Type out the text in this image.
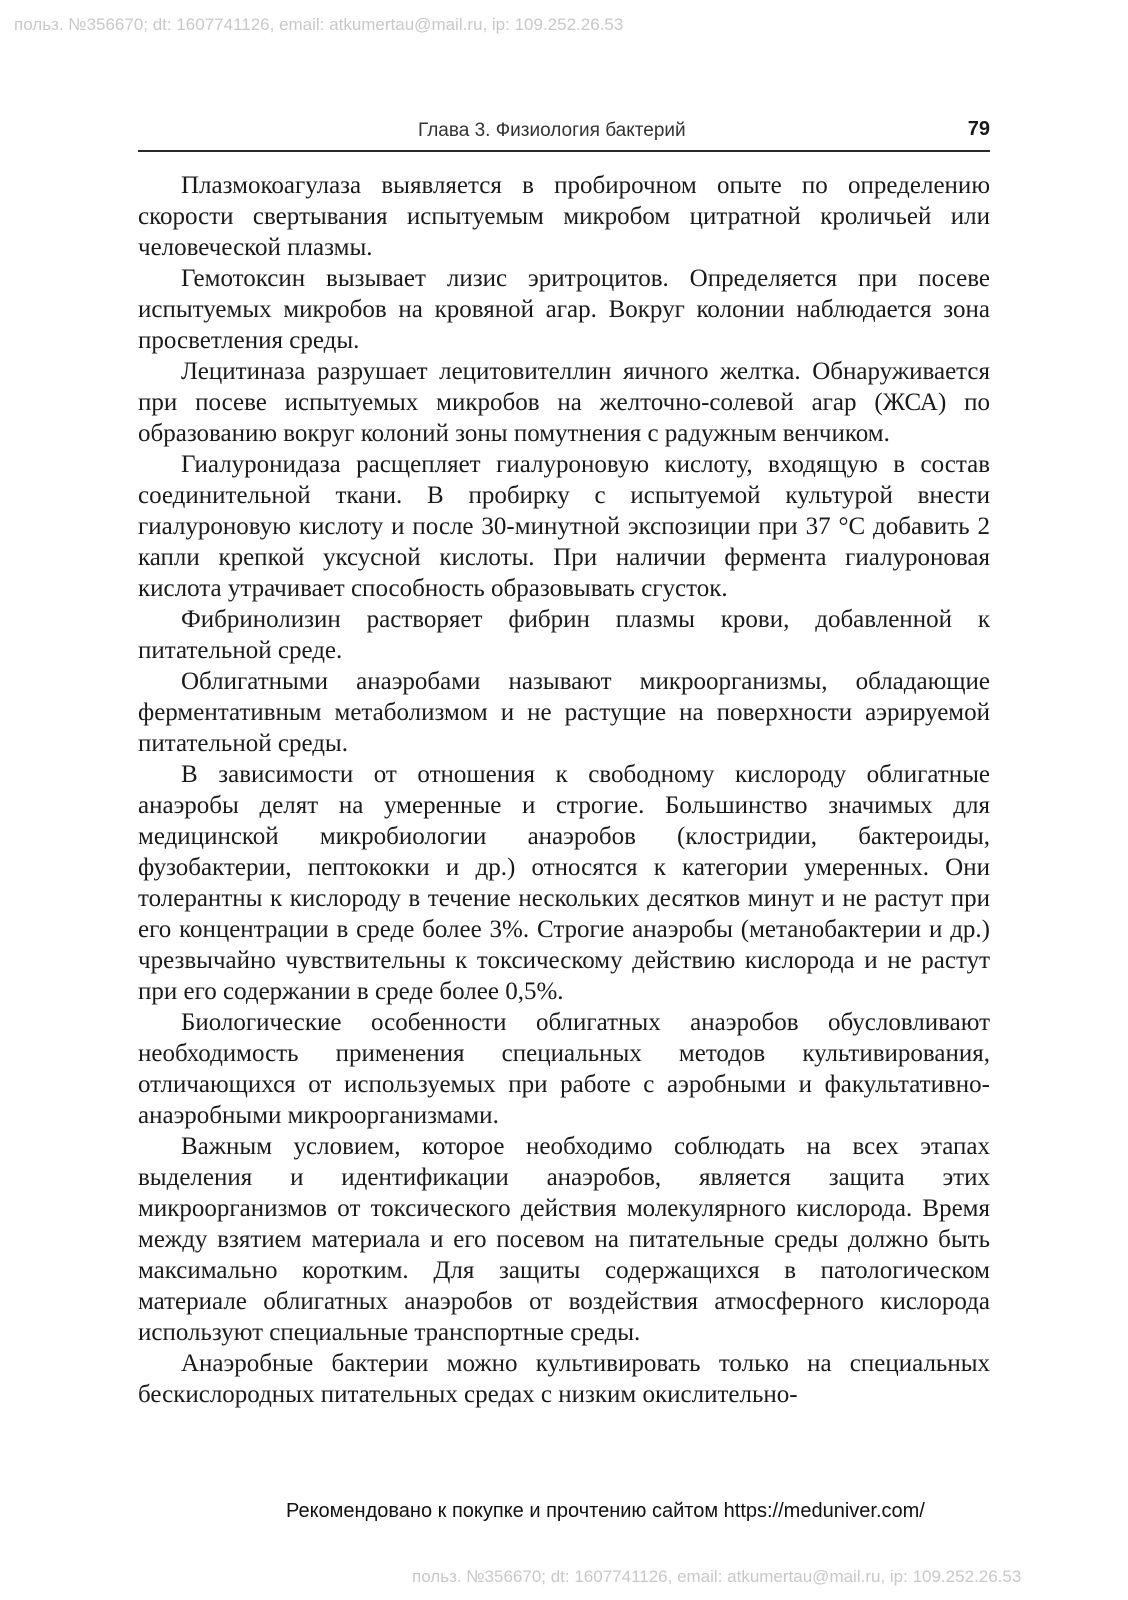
польз. №356670; dt: 1607741126, email: atkumertau@mail.ru, ip: 109.252.26.53
Глава 3. Физиология бактерий	79

Плазмокоагулаза выявляется в пробирочном опыте по определению скорости свертывания испытуемым микробом цитратной кроличьей или человеческой плазмы.

Гемотоксин вызывает лизис эритроцитов. Определяется при посеве испытуемых микробов на кровяной агар. Вокруг колонии наблюдается зона просветления среды.

Лецитиназа разрушает лецитовителлин яичного желтка. Обнаруживается при посеве испытуемых микробов на желточно-солевой агар (ЖСА) по образованию вокруг колоний зоны помутнения с радужным венчиком.

Гиалуронидаза расщепляет гиалуроновую кислоту, входящую в состав соединительной ткани. В пробирку с испытуемой культурой внести гиалуроновую кислоту и после 30-минутной экспозиции при 37 °С добавить 2 капли крепкой уксусной кислоты. При наличии фермента гиалуроновая кислота утрачивает способность образовывать сгусток.

Фибринолизин растворяет фибрин плазмы крови, добавленной к питательной среде.

Облигатными анаэробами называют микроорганизмы, обладающие ферментативным метаболизмом и не растущие на поверхности аэрируемой питательной среды.

В зависимости от отношения к свободному кислороду облигатные анаэробы делят на умеренные и строгие. Большинство значимых для медицинской микробиологии анаэробов (клостридии, бактероиды, фузобактерии, пептококки и др.) относятся к категории умеренных. Они толерантны к кислороду в течение нескольких десятков минут и не растут при его концентрации в среде более 3%. Строгие анаэробы (метанобактерии и др.) чрезвычайно чувствительны к токсическому действию кислорода и не растут при его содержании в среде более 0,5%.

Биологические особенности облигатных анаэробов обусловливают необходимость применения специальных методов культивирования, отличающихся от используемых при работе с аэробными и факультативно-анаэробными микроорганизмами.

Важным условием, которое необходимо соблюдать на всех этапах выделения и идентификации анаэробов, является защита этих микроорганизмов от токсического действия молекулярного кислорода. Время между взятием материала и его посевом на питательные среды должно быть максимально коротким. Для защиты содержащихся в патологическом материале облигатных анаэробов от воздействия атмосферного кислорода используют специальные транспортные среды.

Анаэробные бактерии можно культивировать только на специальных бескислородных питательных средах с низким окислительно-

Рекомендовано к покупке и прочтению сайтом https://meduniver.com/
польз. №356670; dt: 1607741126, email: atkumertau@mail.ru, ip: 109.252.26.53
